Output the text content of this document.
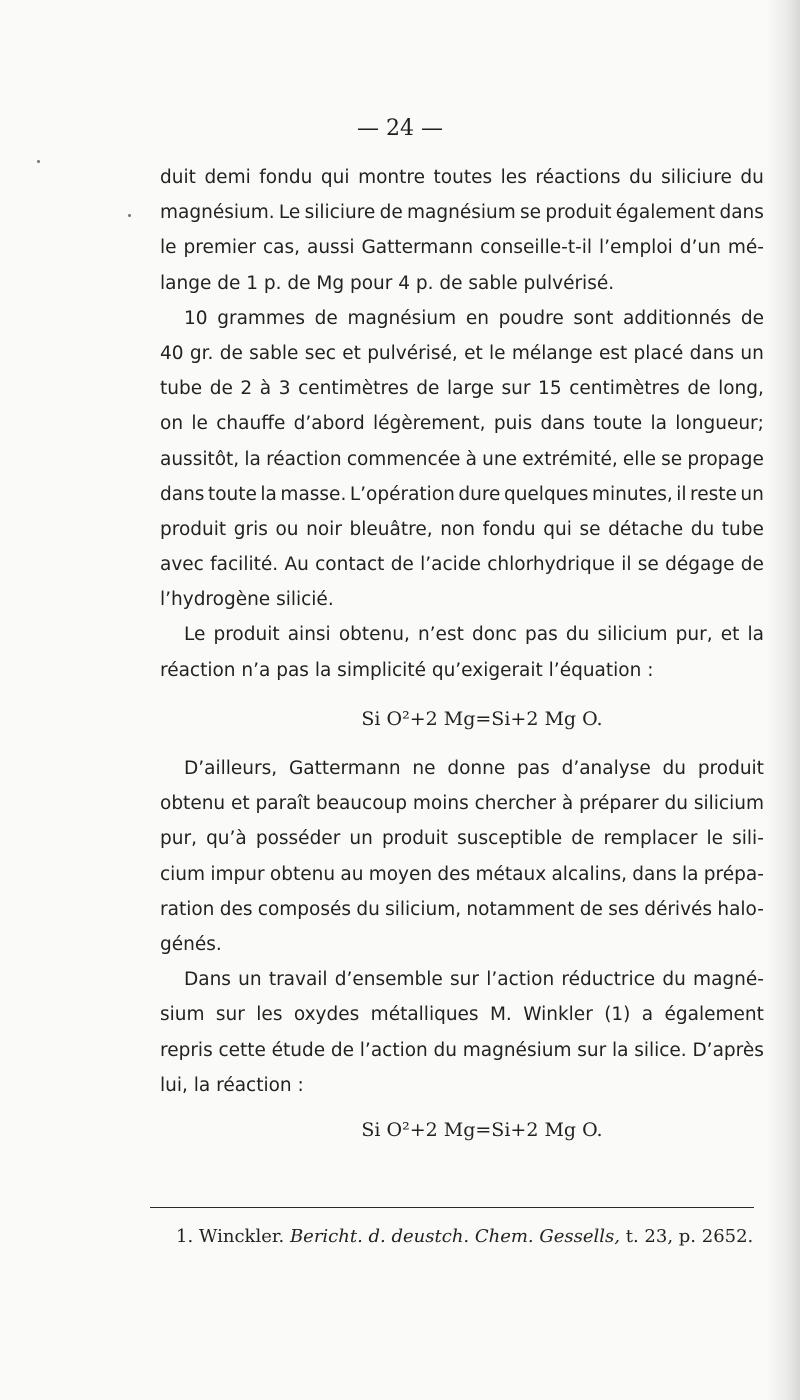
— 24 —
duit demi fondu qui montre toutes les réactions du siliciure du
magnésium. Le siliciure de magnésium se produit également dans
le premier cas, aussi Gattermann conseille-t-il l’emploi d’un mé-
lange de 1 p. de Mg pour 4 p. de sable pulvérisé.
10 grammes de magnésium en poudre sont additionnés de
40 gr. de sable sec et pulvérisé, et le mélange est placé dans un
tube de 2 à 3 centimètres de large sur 15 centimètres de long,
on le chauffe d’abord légèrement, puis dans toute la longueur;
aussitôt, la réaction commencée à une extrémité, elle se propage
dans toute la masse. L’opération dure quelques minutes, il reste un
produit gris ou noir bleuâtre, non fondu qui se détache du tube
avec facilité. Au contact de l’acide chlorhydrique il se dégage de
l’hydrogène silicié.
Le produit ainsi obtenu, n’est donc pas du silicium pur, et la
réaction n’a pas la simplicité qu’exigerait l’équation :
Si O²+2 Mg=Si+2 Mg O.
D’ailleurs, Gattermann ne donne pas d’analyse du produit
obtenu et paraît beaucoup moins chercher à préparer du silicium
pur, qu’à posséder un produit susceptible de remplacer le sili-
cium impur obtenu au moyen des métaux alcalins, dans la prépa-
ration des composés du silicium, notamment de ses dérivés halo-
génés.
Dans un travail d’ensemble sur l’action réductrice du magné-
sium sur les oxydes métalliques M. Winkler (1) a également
repris cette étude de l’action du magnésium sur la silice. D’après
lui, la réaction :
Si O²+2 Mg=Si+2 Mg O.
1. Winckler. Bericht. d. deustch. Chem. Gessells, t. 23, p. 2652.
